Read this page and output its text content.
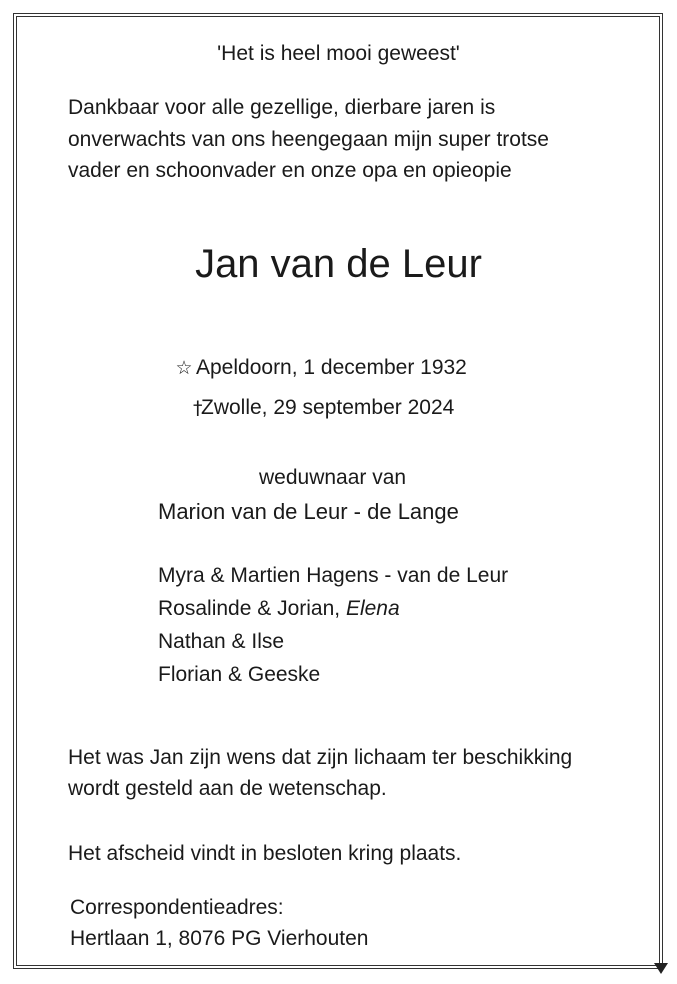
'Het is heel mooi geweest'
Dankbaar voor alle gezellige, dierbare jaren is
onverwachts van ons heengegaan mijn super trotse
vader en schoonvader en onze opa en opieopie
Jan van de Leur
☆ Apeldoorn, 1 december 1932
†Zwolle, 29 september 2024
weduwnaar van
Marion van de Leur - de Lange
Myra & Martien Hagens - van de Leur
Rosalinde & Jorian, Elena
Nathan & Ilse
Florian & Geeske
Het was Jan zijn wens dat zijn lichaam ter beschikking
wordt gesteld aan de wetenschap.
Het afscheid vindt in besloten kring plaats.
Correspondentieadres:
Hertlaan 1, 8076 PG Vierhouten
